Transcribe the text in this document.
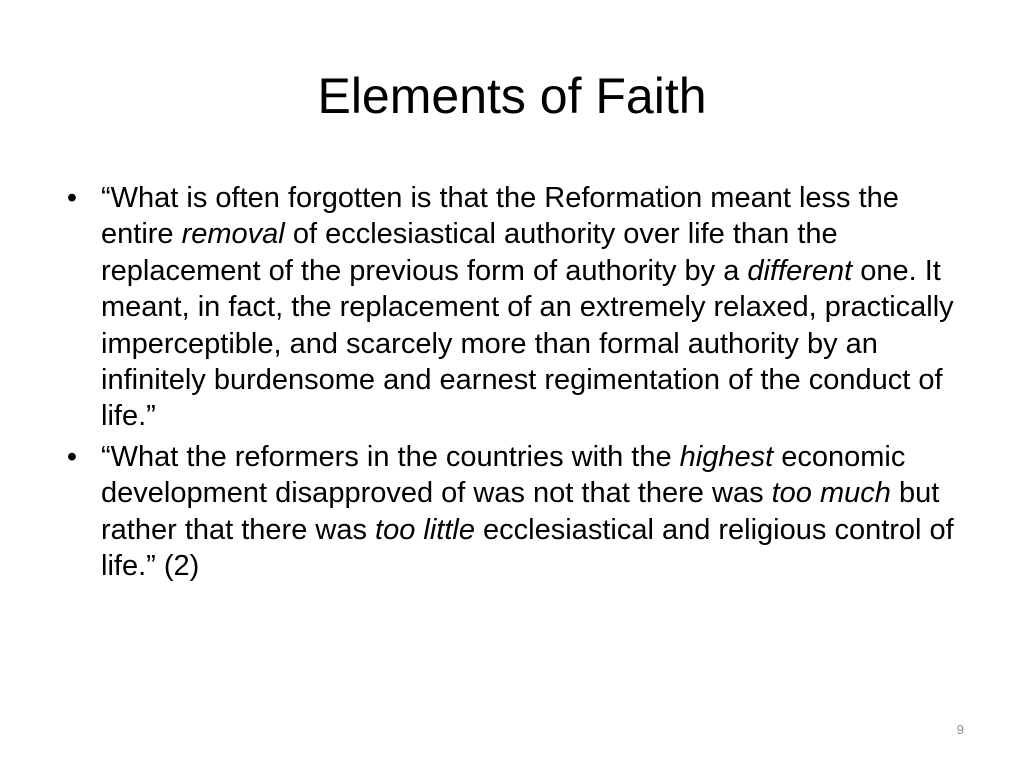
Elements of Faith
• “What is often forgotten is that the Reformation meant less the entire removal of ecclesiastical authority over life than the replacement of the previous form of authority by a different one. It meant, in fact, the replacement of an extremely relaxed, practically imperceptible, and scarcely more than formal authority by an infinitely burdensome and earnest regimentation of the conduct of life.”
• “What the reformers in the countries with the highest economic development disapproved of was not that there was too much but rather that there was too little ecclesiastical and religious control of life.” (2)
9
